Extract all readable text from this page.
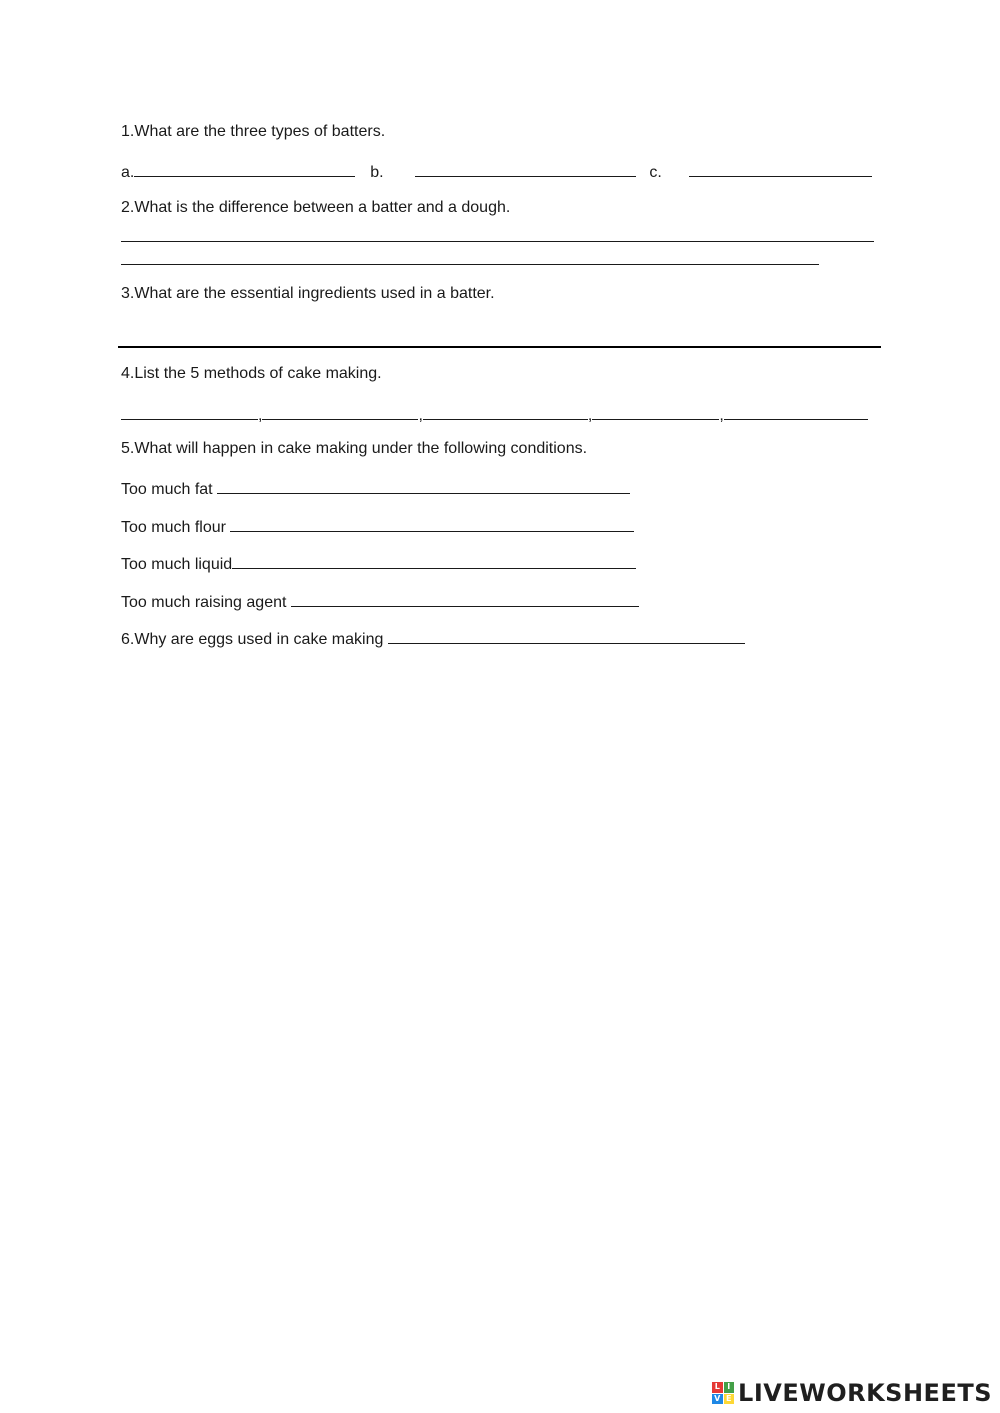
1.What are the three types of batters.
a.	b.	c.
2.What is the difference between a batter and a dough.
3.What are the essential ingredients used in a batter.
4.List the 5 methods of cake making.
,	,	,	,
5.What will happen in cake making under the following conditions.
Too much fat
Too much flour
Too much liquid
Too much raising agent
6.Why are eggs used in cake making
L I
V E LIVEWORKSHEETS
